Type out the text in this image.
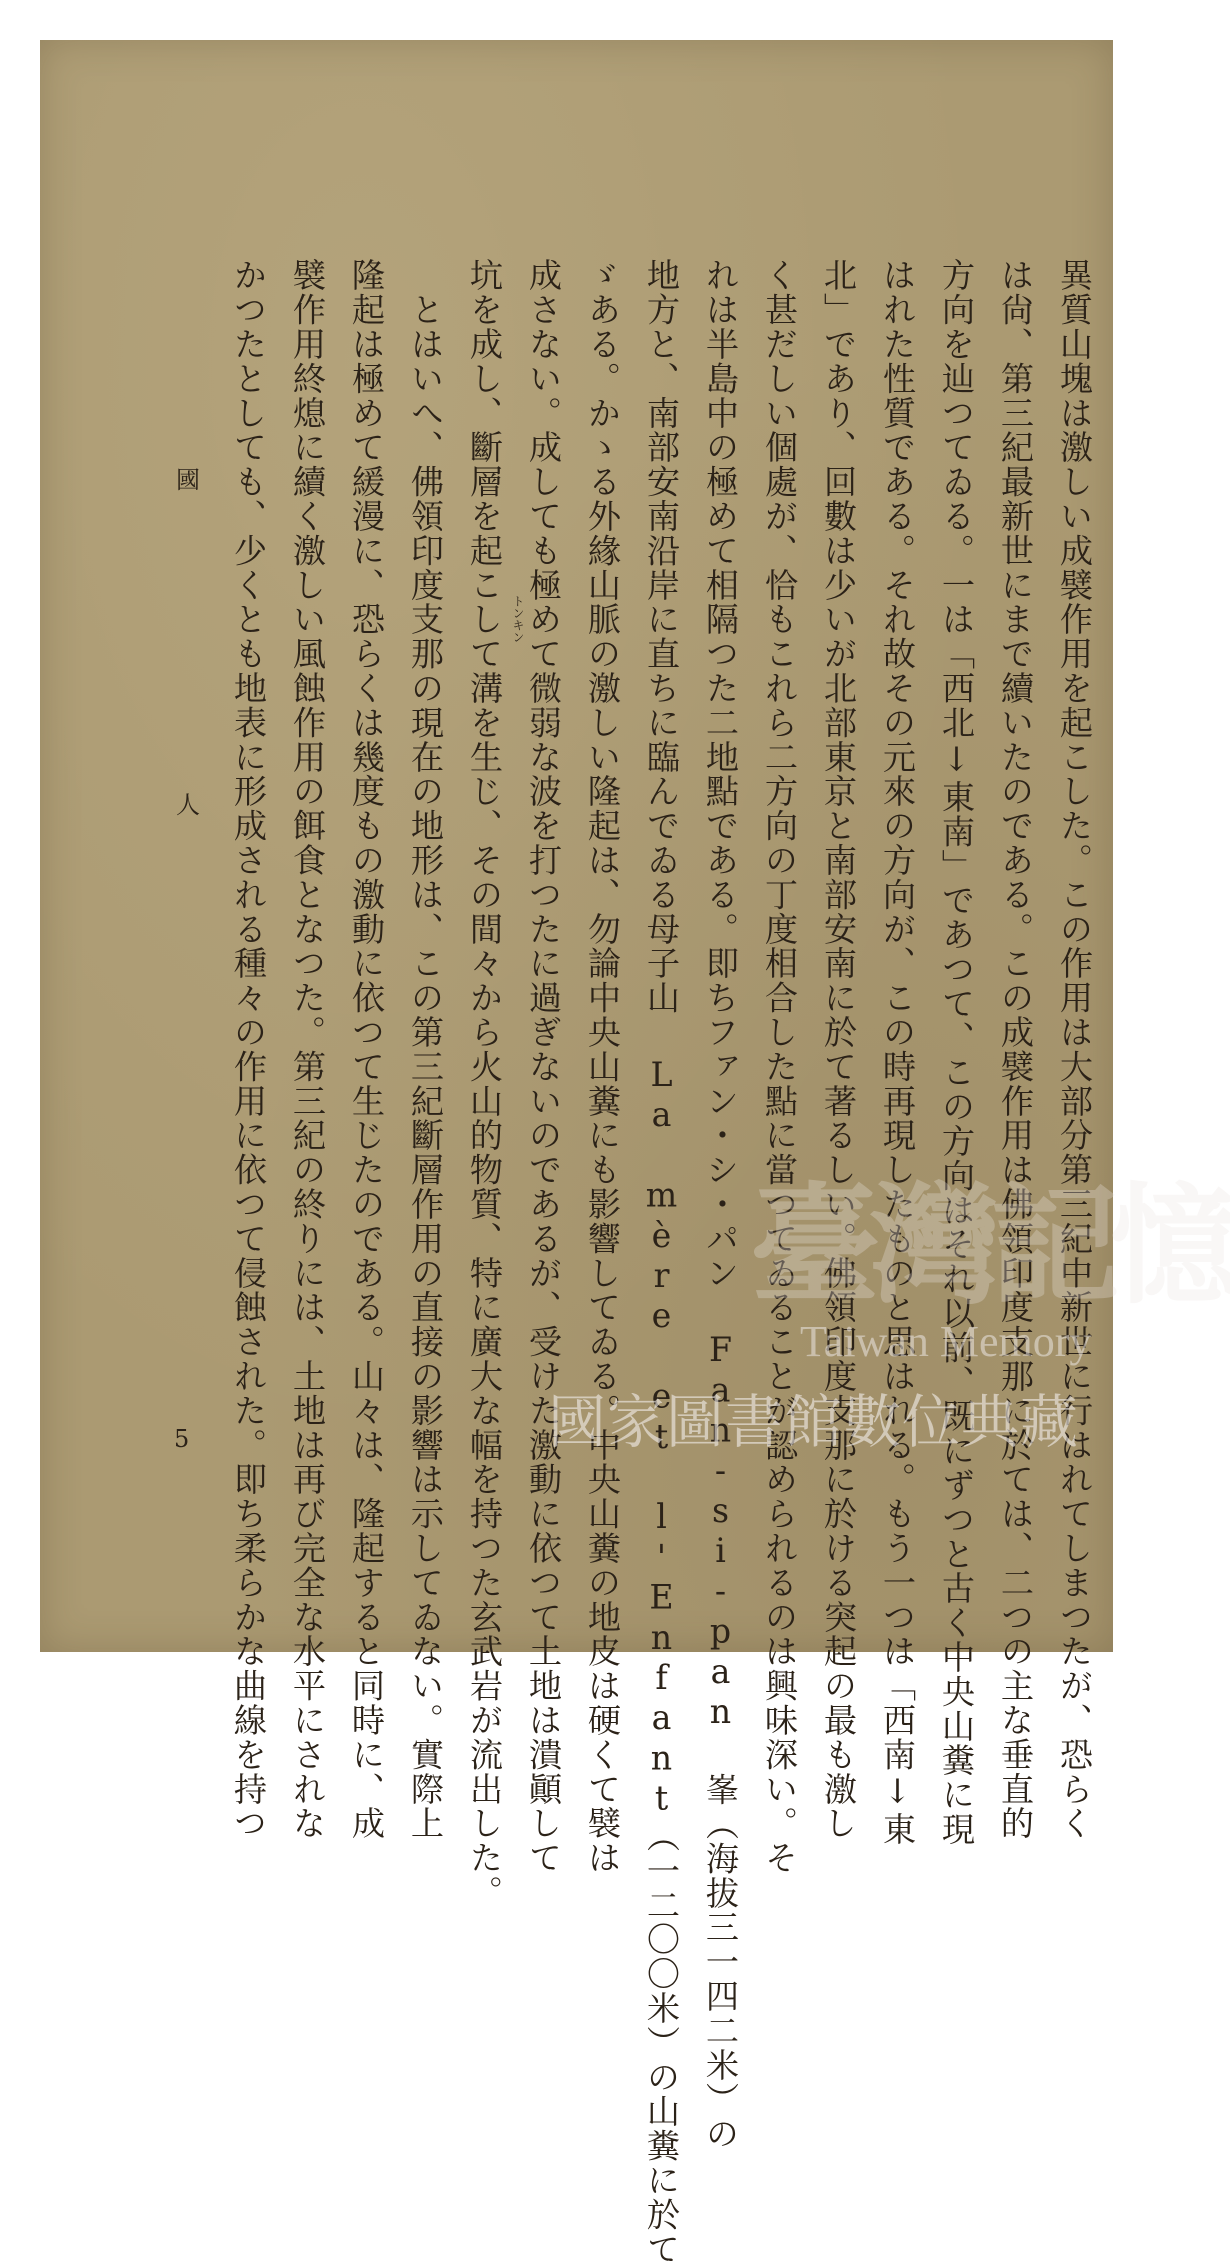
異質山塊は激しい成襞作用を起こした。この作用は大部分第三紀中新世に行はれてしまつたが、恐らく
は尙、第三紀最新世にまで續いたのである。この成襞作用は佛領印度支那に於ては、二つの主な垂直的
方向を辿つてゐる。一は「西北↓東南」であつて、この方向はそれ以前、既にずつと古く中央山糞に現
はれた性質である。それ故その元來の方向が、この時再現したものと思はれる。もう一つは「西南↓東
北」であり、回數は少いが北部東京と南部安南に於て著るしい。佛領印度支那に於ける突起の最も激し
く甚だしい個處が、恰もこれら二方向の丁度相合した點に當つてゐることが認められるのは興味深い。そ
れは半島中の極めて相隔つた二地點である。即ちファン・シ・パン Fan-si-pan 峯（海拔三一四二米）の
地方と、南部安南沿岸に直ちに臨んでゐる母子山 La mère et l'Enfant（一二〇〇米）の山糞に於て
ゞある。かゝる外緣山脈の激しい隆起は、勿論中央山糞にも影響してゐる。中央山糞の地皮は硬くて襞は
成さない。成しても極めて微弱な波を打つたに過ぎないのであるが、受けた激動に依つて土地は潰顚して
坑を成し、斷層を起こして溝を生じ、その間々から火山的物質、特に廣大な幅を持つた玄武岩が流出した。
　とはいへ、佛領印度支那の現在の地形は、この第三紀斷層作用の直接の影響は示してゐない。實際上
隆起は極めて緩漫に、恐らくは幾度もの激動に依つて生じたのである。山々は、隆起すると同時に、成
襞作用終熄に續く激しい風蝕作用の餌食となつた。第三紀の終りには、土地は再び完全な水平にされな
かつたとしても、少くとも地表に形成される種々の作用に依つて侵蝕された。即ち柔らかな曲線を持つ	トンキン
國
人
5
臺灣記憶
Taiwan Memory
國家圖書館數位典藏
